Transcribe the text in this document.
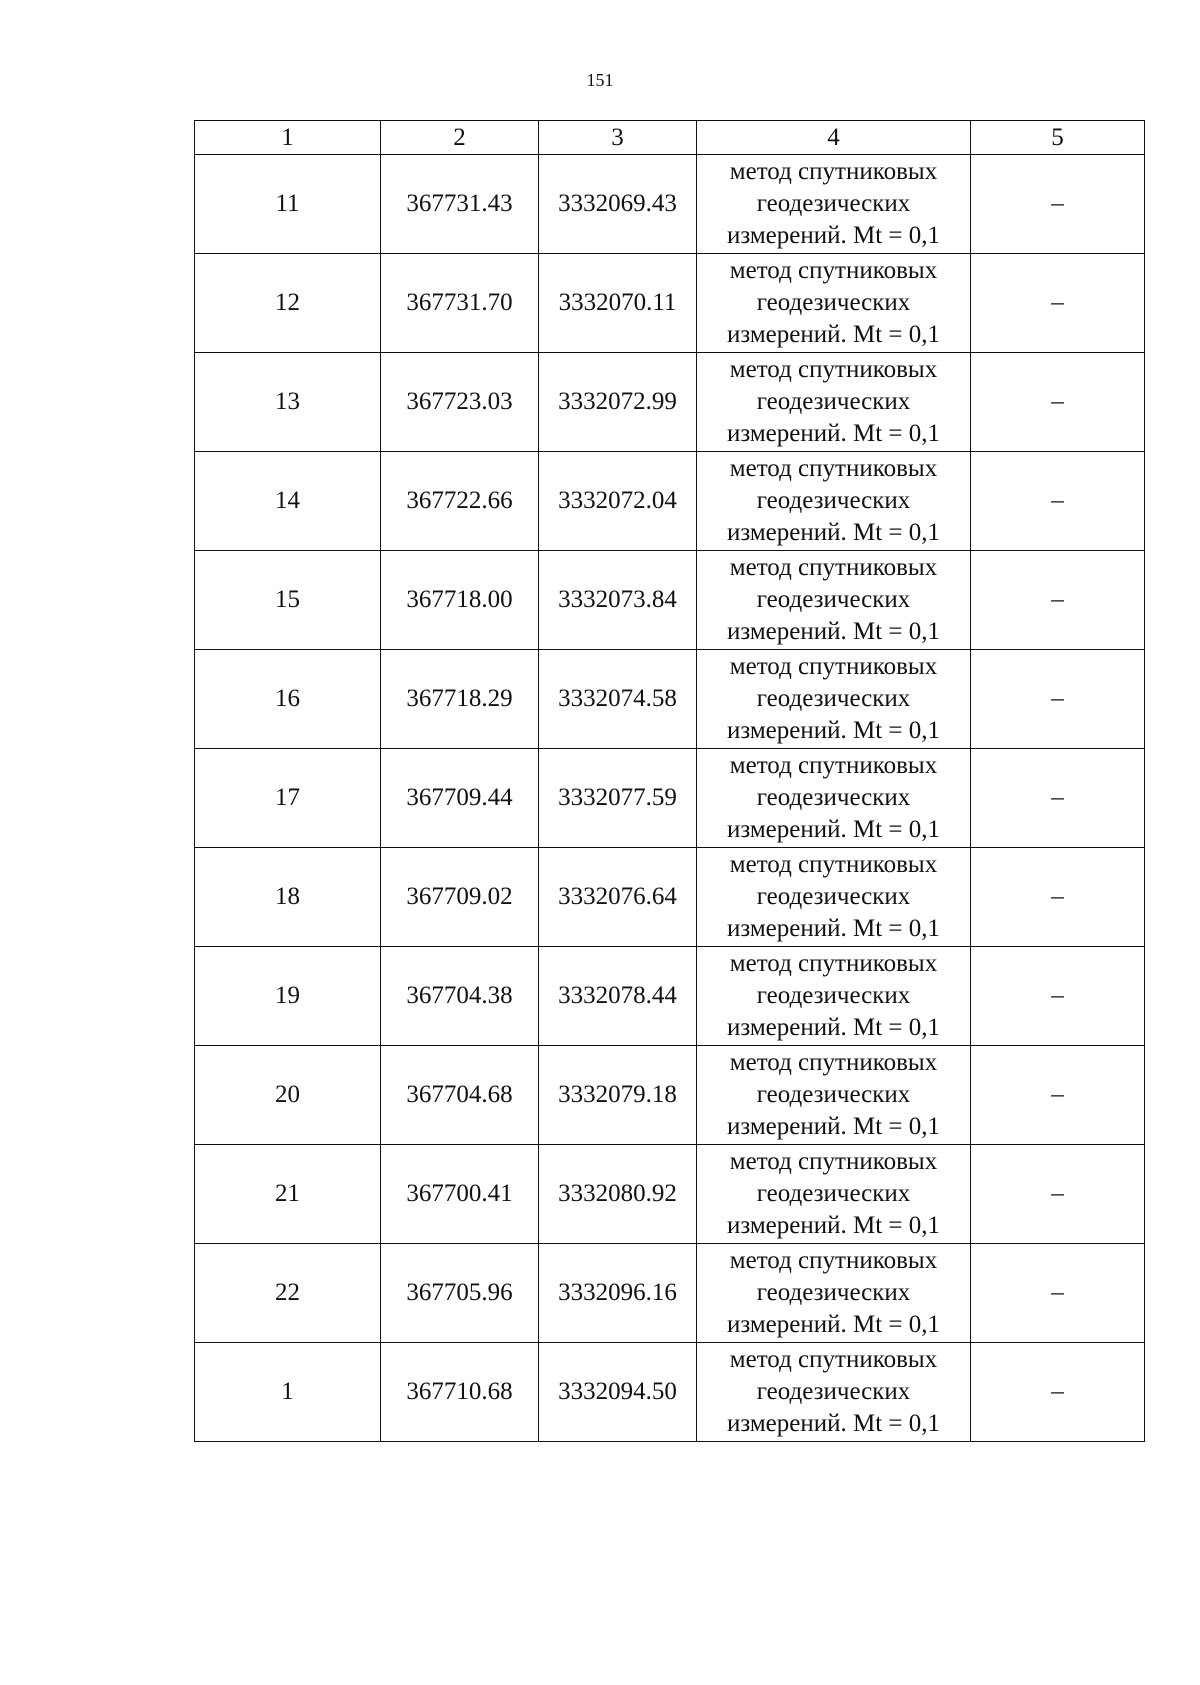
151
1	2	3	4	5
11	367731.43	3332069.43	метод спутниковых
геодезических
измерений. Mt = 0,1	–
12	367731.70	3332070.11	метод спутниковых
геодезических
измерений. Mt = 0,1	–
13	367723.03	3332072.99	метод спутниковых
геодезических
измерений. Mt = 0,1	–
14	367722.66	3332072.04	метод спутниковых
геодезических
измерений. Mt = 0,1	–
15	367718.00	3332073.84	метод спутниковых
геодезических
измерений. Mt = 0,1	–
16	367718.29	3332074.58	метод спутниковых
геодезических
измерений. Mt = 0,1	–
17	367709.44	3332077.59	метод спутниковых
геодезических
измерений. Mt = 0,1	–
18	367709.02	3332076.64	метод спутниковых
геодезических
измерений. Mt = 0,1	–
19	367704.38	3332078.44	метод спутниковых
геодезических
измерений. Mt = 0,1	–
20	367704.68	3332079.18	метод спутниковых
геодезических
измерений. Mt = 0,1	–
21	367700.41	3332080.92	метод спутниковых
геодезических
измерений. Mt = 0,1	–
22	367705.96	3332096.16	метод спутниковых
геодезических
измерений. Mt = 0,1	–
1	367710.68	3332094.50	метод спутниковых
геодезических
измерений. Mt = 0,1	–
